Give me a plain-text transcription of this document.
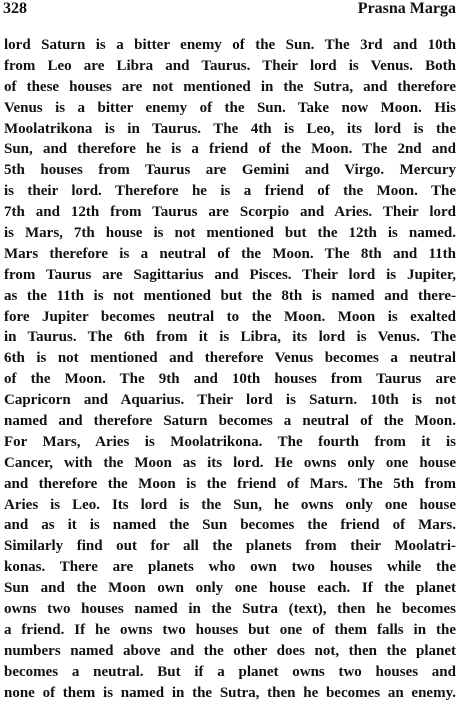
328	Prasna Marga
lord Saturn is a bitter enemy of the Sun. The 3rd and 10th
from Leo are Libra and Taurus. Their lord is Venus. Both
of these houses are not mentioned in the Sutra, and therefore
Venus is a bitter enemy of the Sun. Take now Moon. His
Moolatrikona is in Taurus. The 4th is Leo, its lord is the
Sun, and therefore he is a friend of the Moon. The 2nd and
5th houses from Taurus are Gemini and Virgo. Mercury
is their lord. Therefore he is a friend of the Moon. The
7th and 12th from Taurus are Scorpio and Aries. Their lord
is Mars, 7th house is not mentioned but the 12th is named.
Mars therefore is a neutral of the Moon. The 8th and 11th
from Taurus are Sagittarius and Pisces. Their lord is Jupiter,
as the 11th is not mentioned but the 8th is named and there-
fore Jupiter becomes neutral to the Moon. Moon is exalted
in Taurus. The 6th from it is Libra, its lord is Venus. The
6th is not mentioned and therefore Venus becomes a neutral
of the Moon. The 9th and 10th houses from Taurus are
Capricorn and Aquarius. Their lord is Saturn. 10th is not
named and therefore Saturn becomes a neutral of the Moon.
For Mars, Aries is Moolatrikona. The fourth from it is
Cancer, with the Moon as its lord. He owns only one house
and therefore the Moon is the friend of Mars. The 5th from
Aries is Leo. Its lord is the Sun, he owns only one house
and as it is named the Sun becomes the friend of Mars.
Similarly find out for all the planets from their Moolatri-
konas. There are planets who own two houses while the
Sun and the Moon own only one house each. If the planet
owns two houses named in the Sutra (text), then he becomes
a friend. If he owns two houses but one of them falls in the
numbers named above and the other does not, then the planet
becomes a neutral. But if a planet owns two houses and
none of them is named in the Sutra, then he becomes an enemy.
